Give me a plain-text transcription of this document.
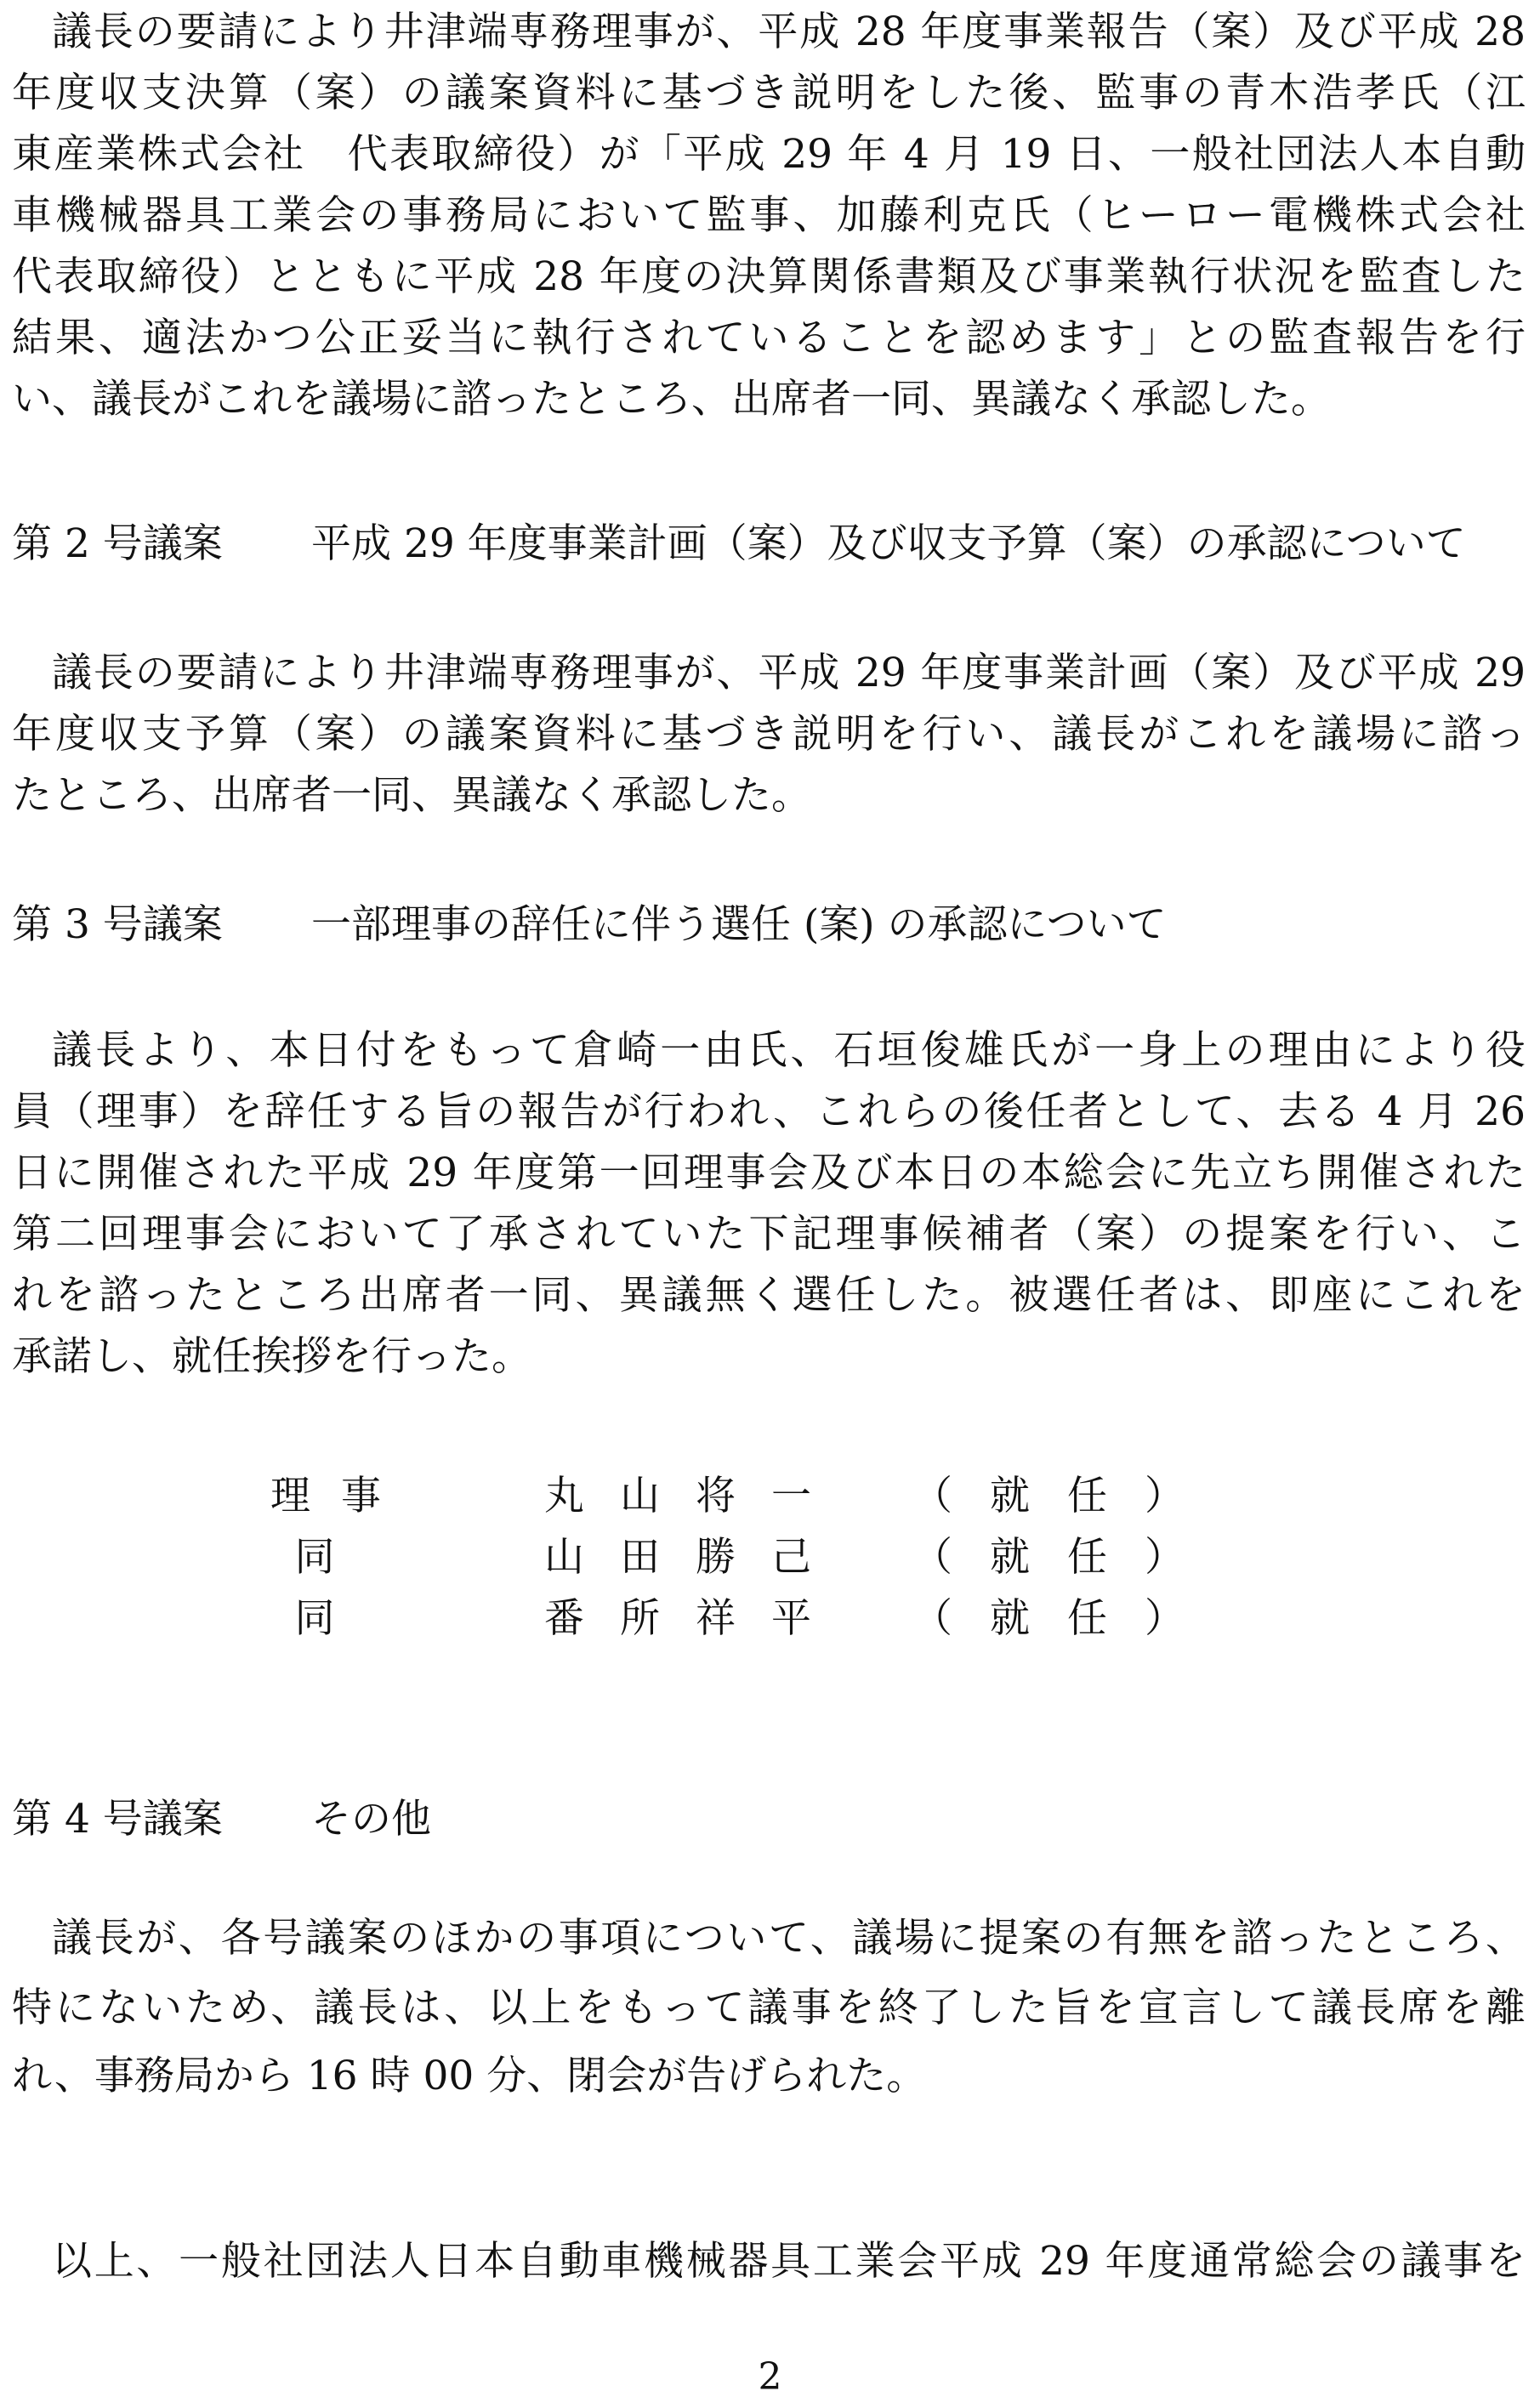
議長の要請により井津端専務理事が、平成 28 年度事業報告（案）及び平成 28
年度収支決算（案）の議案資料に基づき説明をした後、監事の青木浩孝氏（江
東産業株式会社　代表取締役）が「平成 29 年 4 月 19 日、一般社団法人本自動
車機械器具工業会の事務局において監事、加藤利克氏（ヒーロー電機株式会社
代表取締役）とともに平成 28 年度の決算関係書類及び事業執行状況を監査した
結果、適法かつ公正妥当に執行されていることを認めます」との監査報告を行
い、議長がこれを議場に諮ったところ、出席者一同、異議なく承認した。
第 2 号議案 平成 29 年度事業計画（案）及び収支予算（案）の承認について
議長の要請により井津端専務理事が、平成 29 年度事業計画（案）及び平成 29
年度収支予算（案）の議案資料に基づき説明を行い、議長がこれを議場に諮っ
たところ、出席者一同、異議なく承認した。
第 3 号議案 一部理事の辞任に伴う選任 (案) の承認について
議長より、本日付をもって倉崎一由氏、石垣俊雄氏が一身上の理由により役
員（理事）を辞任する旨の報告が行われ、これらの後任者として、去る 4 月 26
日に開催された平成 29 年度第一回理事会及び本日の本総会に先立ち開催された
第二回理事会において了承されていた下記理事候補者（案）の提案を行い、こ
れを諮ったところ出席者一同、異議無く選任した。被選任者は、即座にこれを
承諾し、就任挨拶を行った。
理事	丸山将一 （就任）
同	山田勝己 （就任）
同	番所祥平 （就任）
第 4 号議案 その他
議長が、各号議案のほかの事項について、議場に提案の有無を諮ったところ、
特にないため、議長は、以上をもって議事を終了した旨を宣言して議長席を離
れ、事務局から 16 時 00 分、閉会が告げられた。
以上、一般社団法人日本自動車機械器具工業会平成 29 年度通常総会の議事を
2
